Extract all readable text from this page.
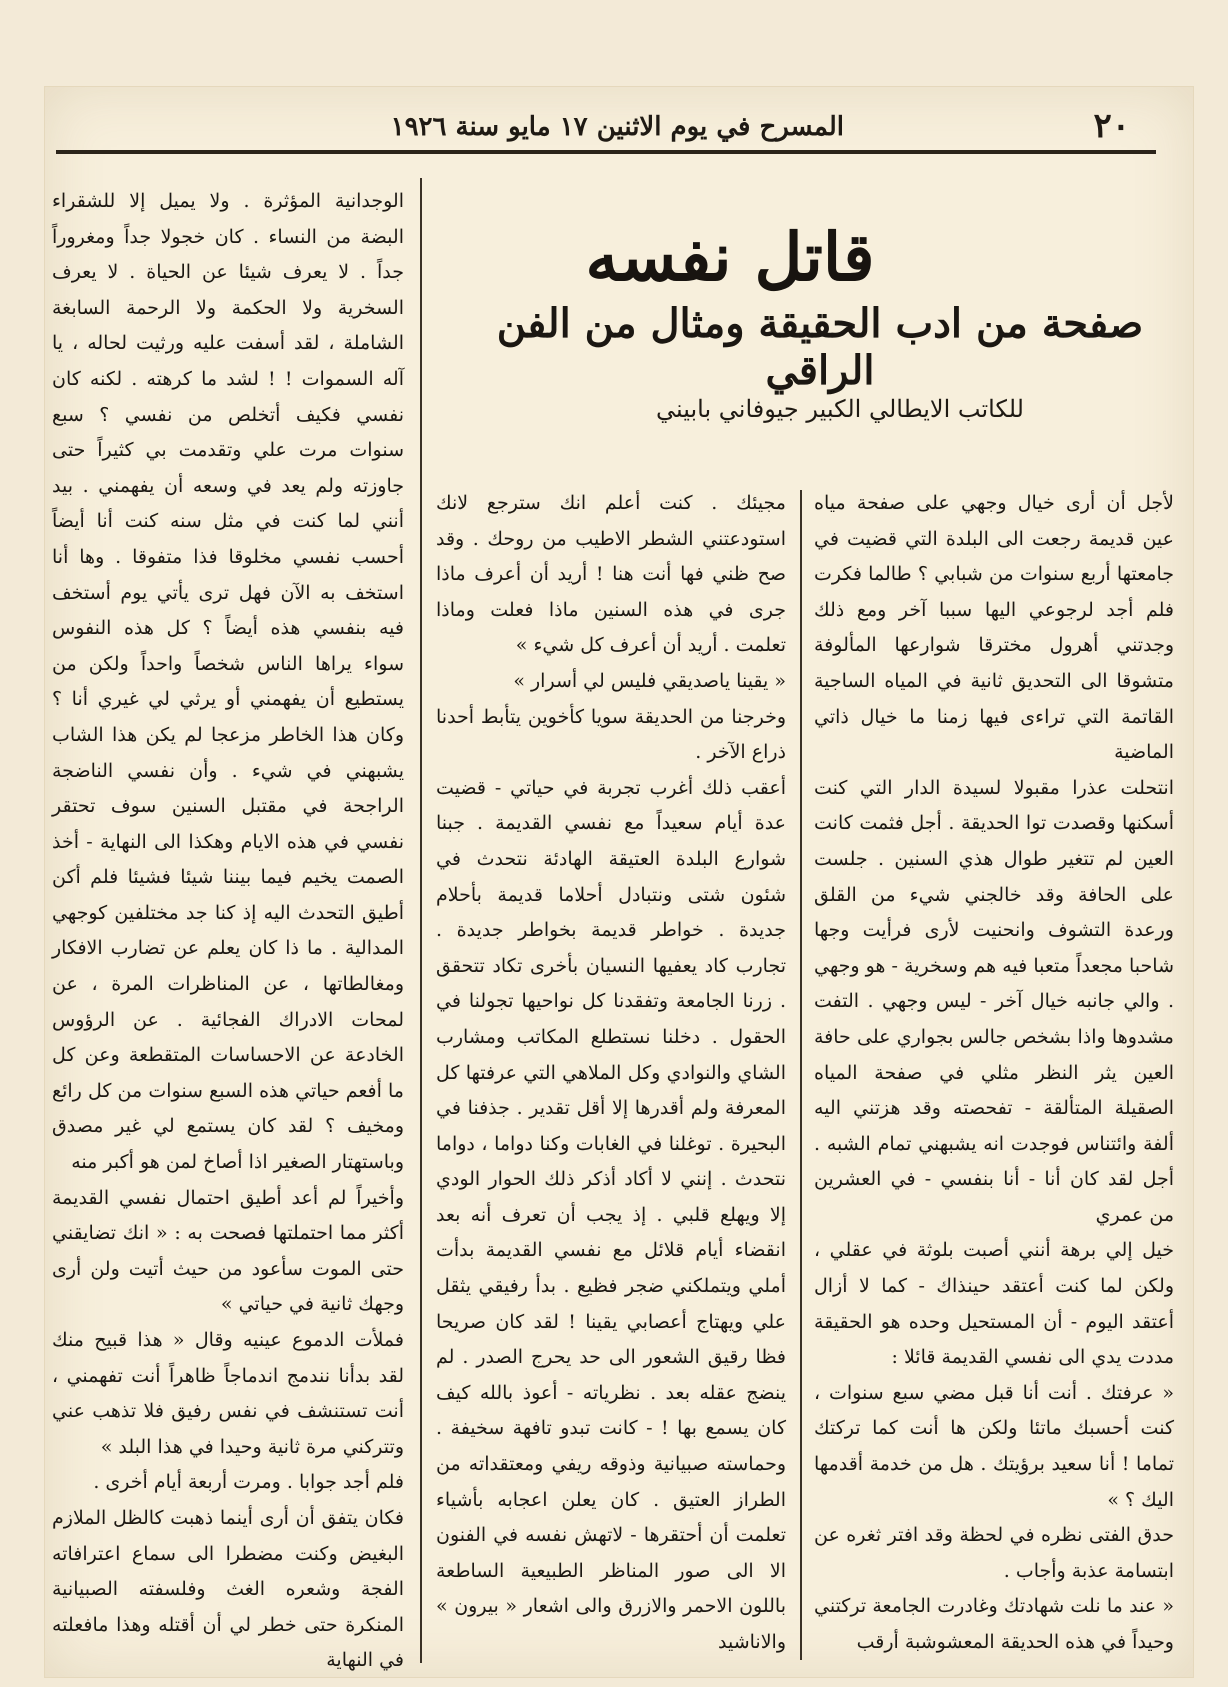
٢٠
المسرح في يوم الاثنين ١٧ مايو سنة ١٩٢٦
قاتل نفسه
صفحة من ادب الحقيقة ومثال من الفن الراقي
للكاتب الايطالي الكبير جيوفاني بابيني

لأجل أن أرى خيال وجهي على صفحة مياه عين قديمة رجعت الى البلدة التي قضيت في جامعتها أربع سنوات من شبابي ؟ طالما فكرت فلم أجد لرجوعي اليها سببا آخر ومع ذلك وجدتني أهرول مخترقا شوارعها المألوفة متشوقا الى التحديق ثانية في المياه الساجية القاتمة التي تراءى فيها زمنا ما خيال ذاتي الماضية

انتحلت عذرا مقبولا لسيدة الدار التي كنت أسكنها وقصدت توا الحديقة . أجل فثمت كانت العين لم تتغير طوال هذي السنين . جلست على الحافة وقد خالجني شيء من القلق ورعدة التشوف وانحنيت لأرى فرأيت وجها شاحبا مجعداً متعبا فيه هم وسخرية - هو وجهي . والي جانبه خيال آخر - ليس وجهي . التفت مشدوها واذا بشخص جالس بجواري على حافة العين يثر النظر مثلي في صفحة المياه الصقيلة المتألقة - تفحصته وقد هزتني اليه ألفة وائتناس فوجدت انه يشبهني تمام الشبه . أجل لقد كان أنا - أنا بنفسي - في العشرين من عمري

خيل إلي برهة أنني أصبت بلوثة في عقلي ، ولكن لما كنت أعتقد حينذاك - كما لا أزال أعتقد اليوم - أن المستحيل وحده هو الحقيقة مددت يدي الى نفسي القديمة قائلا :

« عرفتك . أنت أنا قبل مضي سبع سنوات ، كنت أحسبك ماتئا ولكن ها أنت كما تركتك تماما ! أنا سعيد برؤيتك . هل من خدمة أقدمها اليك ؟ »

حدق الفتى نظره في لحظة وقد افتر ثغره عن ابتسامة عذبة وأجاب .

« عند ما نلت شهادتك وغادرت الجامعة تركتني وحيداً في هذه الحديقة المعشوشبة أرقب

مجيئك . كنت أعلم انك سترجع لانك استودعتني الشطر الاطيب من روحك . وقد صح ظني فها أنت هنا ! أريد أن أعرف ماذا جرى في هذه السنين ماذا فعلت وماذا تعلمت . أريد أن أعرف كل شيء »

« يقينا ياصديقي فليس لي أسرار »

وخرجنا من الحديقة سويا كأخوين يتأبط أحدنا ذراع الآخر .

أعقب ذلك أغرب تجربة في حياتي - قضيت عدة أيام سعيداً مع نفسي القديمة . جبنا شوارع البلدة العتيقة الهادئة نتحدث في شئون شتى ونتبادل أحلاما قديمة بأحلام جديدة . خواطر قديمة بخواطر جديدة . تجارب كاد يعفيها النسيان بأخرى تكاد تتحقق . زرنا الجامعة وتفقدنا كل نواحيها تجولنا في الحقول . دخلنا نستطلع المكاتب ومشارب الشاي والنوادي وكل الملاهي التي عرفتها كل المعرفة ولم أقدرها إلا أقل تقدير . جذفنا في البحيرة . توغلنا في الغابات وكنا دواما ، دواما نتحدث . إنني لا أكاد أذكر ذلك الحوار الودي إلا ويهلع قلبي . إذ يجب أن تعرف أنه بعد انقضاء أيام قلائل مع نفسي القديمة بدأت أملي ويتملكني ضجر فظيع . بدأ رفيقي يثقل علي ويهتاج أعصابي يقينا ! لقد كان صريحا فظا رقيق الشعور الى حد يحرج الصدر . لم ينضج عقله بعد . نظرياته - أعوذ بالله كيف كان يسمع بها ! - كانت تبدو تافهة سخيفة . وحماسته صبيانية وذوقه ريفي ومعتقداته من الطراز العتيق . كان يعلن اعجابه بأشياء تعلمت أن أحتقرها - لاتهش نفسه في الفنون الا الى صور المناظر الطبيعية الساطعة باللون الاحمر والازرق والى اشعار « بيرون » والاناشيد

الوجدانية المؤثرة . ولا يميل إلا للشقراء البضة من النساء . كان خجولا جداً ومغروراً جداً . لا يعرف شيئا عن الحياة . لا يعرف السخرية ولا الحكمة ولا الرحمة السابغة الشاملة ، لقد أسفت عليه ورثيت لحاله ، يا آله السموات ! ! لشد ما كرهته . لكنه كان نفسي فكيف أتخلص من نفسي ؟ سبع سنوات مرت علي وتقدمت بي كثيراً حتى جاوزته ولم يعد في وسعه أن يفهمني . بيد أنني لما كنت في مثل سنه كنت أنا أيضاً أحسب نفسي مخلوقا فذا متفوقا . وها أنا استخف به الآن فهل ترى يأتي يوم أستخف فيه بنفسي هذه أيضاً ؟ كل هذه النفوس سواء يراها الناس شخصاً واحداً ولكن من يستطيع أن يفهمني أو يرثي لي غيري أنا ؟ وكان هذا الخاطر مزعجا لم يكن هذا الشاب يشبهني في شيء . وأن نفسي الناضجة الراجحة في مقتبل السنين سوف تحتقر نفسي في هذه الايام وهكذا الى النهاية - أخذ الصمت يخيم فيما بيننا شيئا فشيئا فلم أكن أطيق التحدث اليه إذ كنا جد مختلفين كوجهي المدالية . ما ذا كان يعلم عن تضارب الافكار ومغالطاتها ، عن المناظرات المرة ، عن لمحات الادراك الفجائية . عن الرؤوس الخادعة عن الاحساسات المتقطعة وعن كل ما أفعم حياتي هذه السبع سنوات من كل رائع ومخيف ؟ لقد كان يستمع لي غير مصدق وباستهتار الصغير اذا أصاخ لمن هو أكبر منه

وأخيراً لم أعد أطيق احتمال نفسي القديمة أكثر مما احتملتها فصحت به : « انك تضايقني حتى الموت سأعود من حيث أتيت ولن أرى وجهك ثانية في حياتي »

فملأت الدموع عينيه وقال « هذا قبيح منك لقد بدأنا نندمج اندماجاً ظاهراً أنت تفهمني ، أنت تستنشف في نفس رفيق فلا تذهب عني وتتركني مرة ثانية وحيدا في هذا البلد »

فلم أجد جوابا . ومرت أربعة أيام أخرى .

فكان يتفق أن أرى أينما ذهبت كالظل الملازم البغيض وكنت مضطرا الى سماع اعترافاته الفجة وشعره الغث وفلسفته الصبيانية المنكرة حتى خطر لي أن أقتله وهذا مافعلته في النهاية
